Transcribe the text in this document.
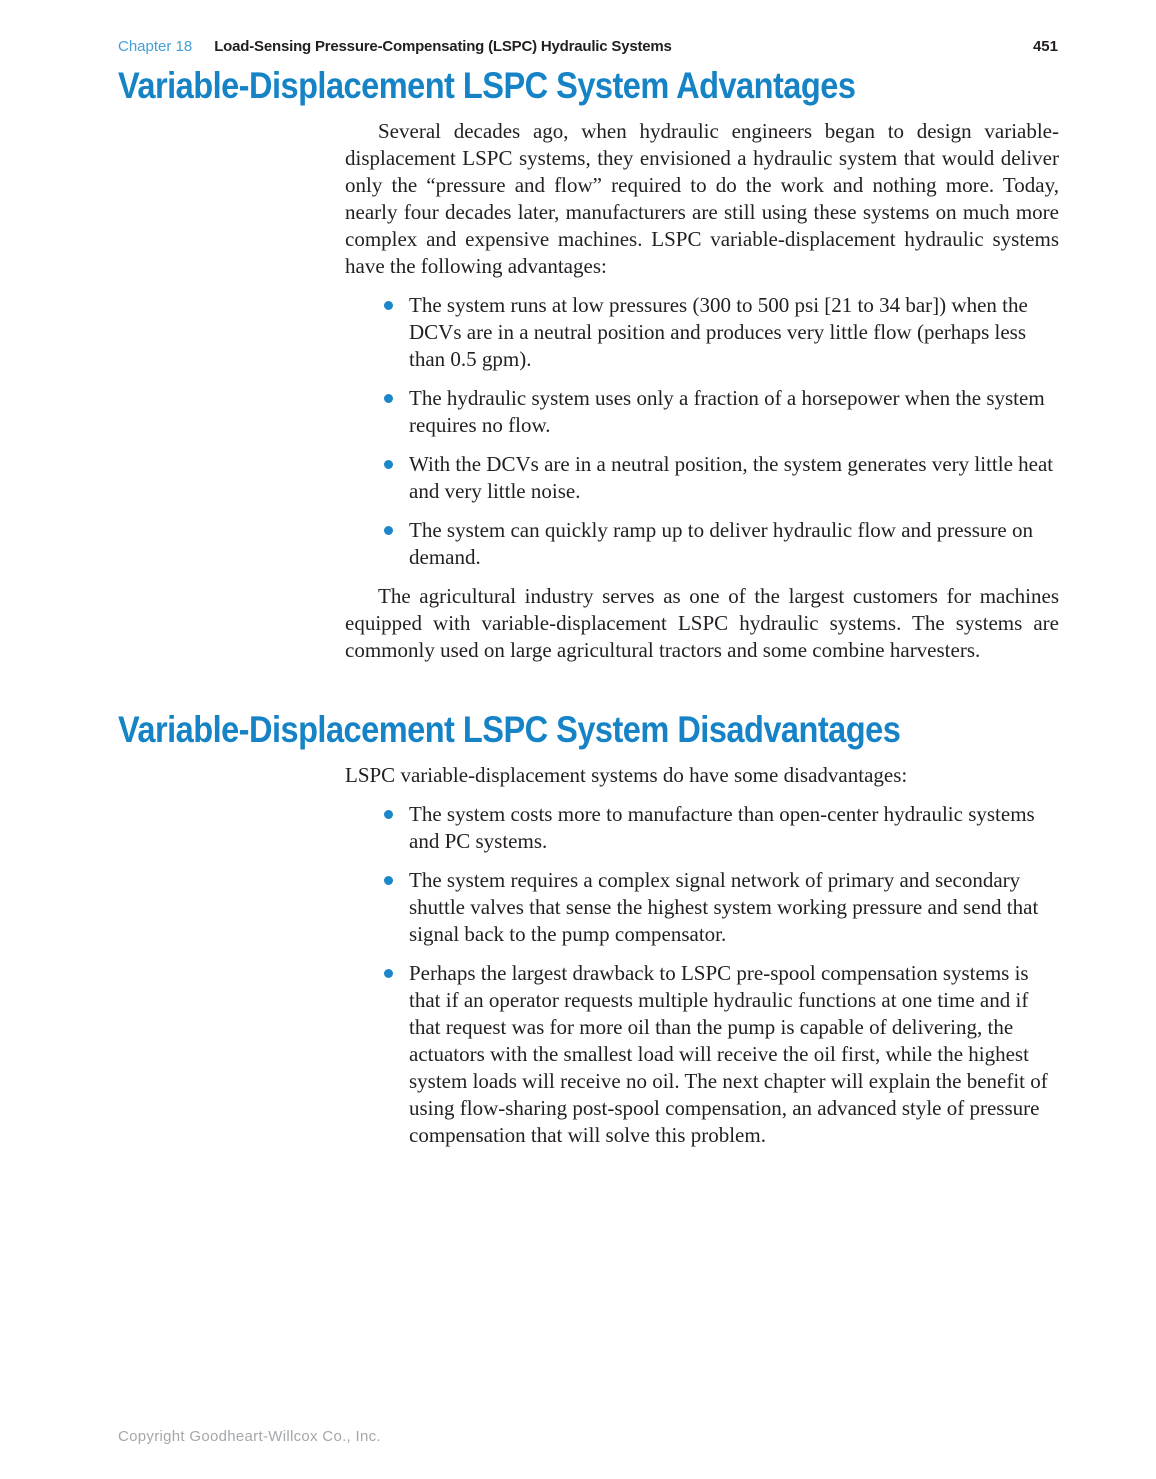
Chapter 18 Load-Sensing Pressure-Compensating (LSPC) Hydraulic Systems	451
Variable-Displacement LSPC System Advantages

Several decades ago, when hydraulic engineers began to design variable-displacement LSPC systems, they envisioned a hydraulic system that would deliver only the “pressure and flow” required to do the work and nothing more. Today, nearly four decades later, manufacturers are still using these systems on much more complex and expensive machines. LSPC variable-displacement hydraulic systems have the following advantages:

The system runs at low pressures (300 to 500 psi [21 to 34 bar]) when the DCVs are in a neutral position and produces very little flow (perhaps less than 0.5 gpm).
The hydraulic system uses only a fraction of a horsepower when the system requires no flow.
With the DCVs are in a neutral position, the system generates very little heat and very little noise.
The system can quickly ramp up to deliver hydraulic flow and pressure on demand.

The agricultural industry serves as one of the largest customers for machines equipped with variable-displacement LSPC hydraulic systems. The systems are commonly used on large agricultural tractors and some combine harvesters.

Variable-Displacement LSPC System Disadvantages

LSPC variable-displacement systems do have some disadvantages:

The system costs more to manufacture than open-center hydraulic systems and PC systems.
The system requires a complex signal network of primary and secondary shuttle valves that sense the highest system working pressure and send that signal back to the pump compensator.
Perhaps the largest drawback to LSPC pre-spool compensation systems is that if an operator requests multiple hydraulic functions at one time and if that request was for more oil than the pump is capable of delivering, the actuators with the smallest load will receive the oil first, while the highest system loads will receive no oil. The next chapter will explain the benefit of using flow-sharing post-spool compensation, an advanced style of pressure compensation that will solve this problem.
Copyright Goodheart-Willcox Co., Inc.
